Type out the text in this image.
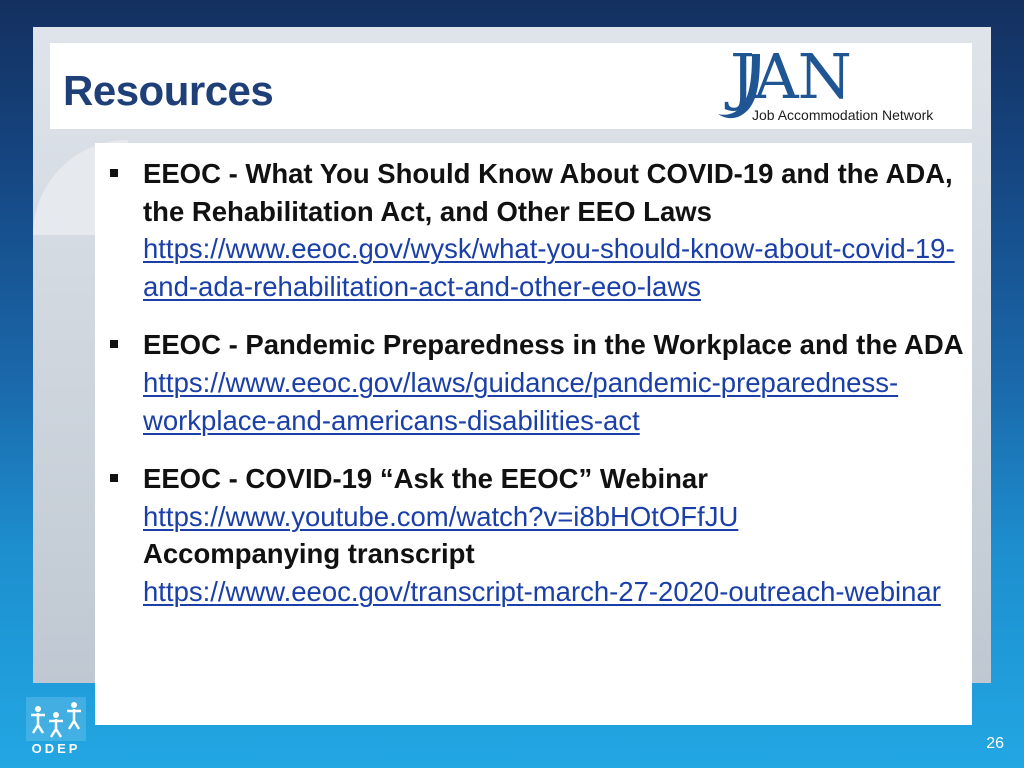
Resources	JAN
Job Accommodation Network
EEOC - What You Should Know About COVID-19 and the ADA, the Rehabilitation Act, and Other EEO Laws
https://www.eeoc.gov/wysk/what-you-should-know-about-covid-19-and-ada-rehabilitation-act-and-other-eeo-laws
EEOC - Pandemic Preparedness in the Workplace and the ADA
https://www.eeoc.gov/laws/guidance/pandemic-preparedness-workplace-and-americans-disabilities-act
EEOC - COVID-19 “Ask the EEOC” Webinar
https://www.youtube.com/watch?v=i8bHOtOFfJU
Accompanying transcript
https://www.eeoc.gov/transcript-march-27-2020-outreach-webinar
ODEP	26
